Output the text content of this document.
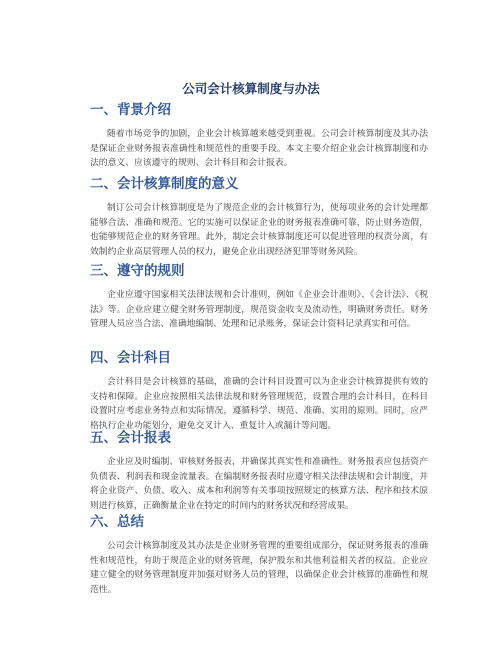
公司会计核算制度与办法
一、背景介绍

随着市场竞争的加剧，企业会计核算越来越受到重视。公司会计核算制度及其办法是保证企业财务报表准确性和规范性的重要手段。本文主要介绍企业会计核算制度和办法的意义、应该遵守的规则、会计科目和会计报表。

二、会计核算制度的意义

制订公司会计核算制度是为了规范企业的会计核算行为，使每项业务的会计处理都能够合法、准确和规范。它的实施可以保证企业的财务报表准确可靠，防止财务造假，也能够规范企业的财务管理。此外，制定会计核算制度还可以促进管理的权责分离，有效制约企业高层管理人员的权力，避免企业出现经济犯罪等财务风险。

三、遵守的规则

企业应遵守国家相关法律法规和会计准则，例如《企业会计准则》、《会计法》、《税法》等。企业应建立健全财务管理制度，规范资金收支及流动性，明确财务责任。财务管理人员应当合法、准确地编制、处理和记录账务，保证会计资料记录真实和可信。

四、会计科目

会计科目是会计核算的基础，准确的会计科目设置可以为企业会计核算提供有效的支持和保障。企业应按照相关法律法规和财务管理规范，设置合理的会计科目，在科目设置时应考虑业务特点和实际情况，遵循科学、规范、准确、实用的原则。同时，应严格执行企业功能划分，避免交叉计入、重复计入或漏计等问题。

五、会计报表

企业应及时编制、审核财务报表，并确保其真实性和准确性。财务报表应包括资产负债表、利润表和现金流量表。在编制财务报表时应遵守相关法律法规和会计制度，并将企业资产、负债、收入、成本和利润等有关事项按照规定的核算方法、程序和技术原则进行核算，正确衡量企业在特定的时间内的财务状况和经营成果。

六、总结

公司会计核算制度及其办法是企业财务管理的重要组成部分，保证财务报表的准确性和规范性，有助于规范企业的财务管理，保护股东和其他利益相关者的权益。企业应建立健全的财务管理制度并加强对财务人员的管理，以确保企业会计核算的准确性和规范性。
